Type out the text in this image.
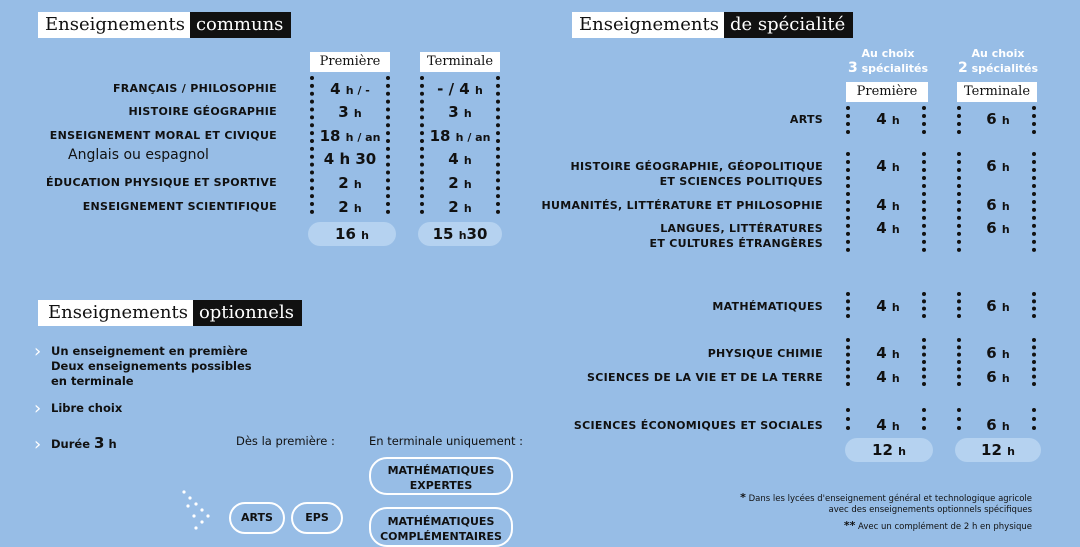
Enseignements communs
Première	Terminale
FRANÇAIS / PHILOSOPHIE	4 h / -	- / 4 h
HISTOIRE GÉOGRAPHIE	3 h	3 h
ENSEIGNEMENT MORAL ET CIVIQUE	18 h / an	18 h / an
Anglais ou espagnol	4 h 30	4 h
ÉDUCATION PHYSIQUE ET SPORTIVE	2 h	2 h
ENSEIGNEMENT SCIENTIFIQUE	2 h	2 h
16 h	15 h30
Enseignements optionnels
› Un enseignement en première
Deux enseignements possibles
en terminale
› Libre choix
› Durée 3 h	Dès la première :	En terminale uniquement :
ARTS	EPS
MATHÉMATIQUES
EXPERTES
MATHÉMATIQUES
COMPLÉMENTAIRES
Enseignements de spécialité
Au choix
3 spécialités
Au choix
2 spécialités
Première	Terminale
ARTS	4 h	6 h
HISTOIRE GÉOGRAPHIE, GÉOPOLITIQUE
ET SCIENCES POLITIQUES
4 h	6 h
HUMANITÉS, LITTÉRATURE ET PHILOSOPHIE	4 h	6 h
LANGUES, LITTÉRATURES
ET CULTURES ÉTRANGÈRES
4 h	6 h
MATHÉMATIQUES	4 h	6 h
PHYSIQUE CHIMIE	4 h	6 h
SCIENCES DE LA VIE ET DE LA TERRE	4 h	6 h
SCIENCES ÉCONOMIQUES ET SOCIALES	4 h	6 h
12 h	12 h
* Dans les lycées d'enseignement général et technologique agricole
avec des enseignements optionnels spécifiques
** Avec un complément de 2 h en physique
